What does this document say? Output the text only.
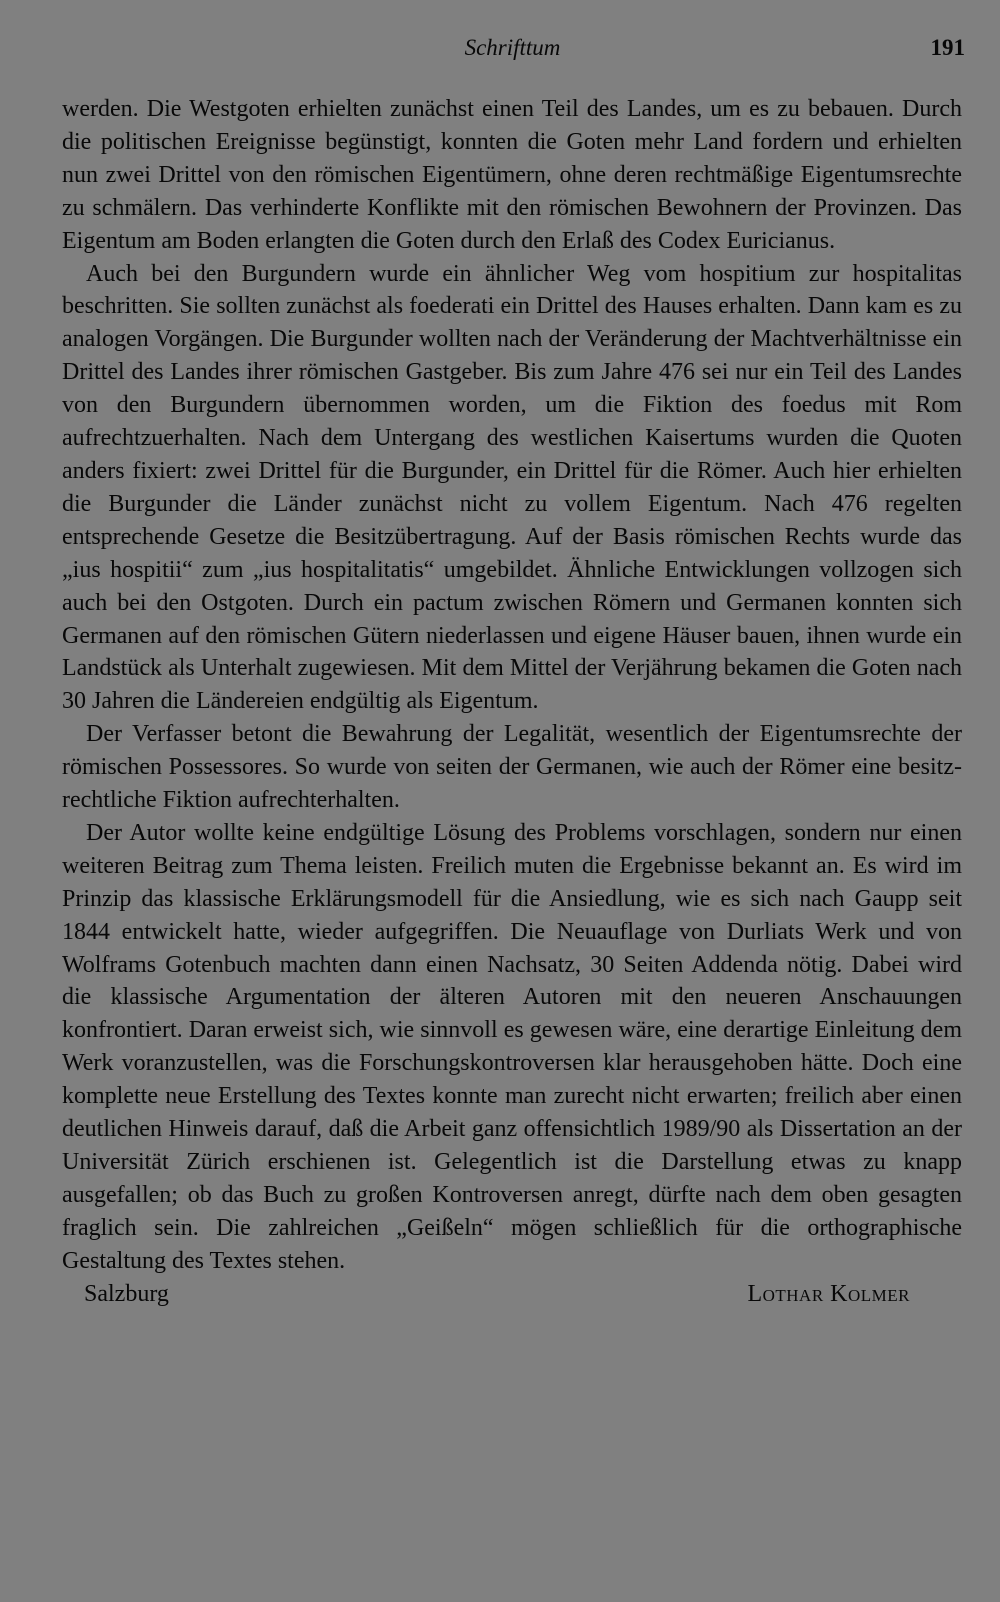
Schrifttum	191

werden. Die Westgoten erhielten zunächst einen Teil des Landes, um es zu bebauen. Durch die politischen Ereignisse begünstigt, konnten die Goten mehr Land fordern und erhielten nun zwei Drittel von den römischen Eigentümern, ohne deren rechtmäßige Eigentumsrechte zu schmälern. Das verhinderte Konflikte mit den römischen Bewohnern der Provinzen. Das Eigentum am Boden erlangten die Goten durch den Erlaß des Codex Euricianus.

Auch bei den Burgundern wurde ein ähnlicher Weg vom hospitium zur hospitalitas beschritten. Sie sollten zunächst als foederati ein Drittel des Hauses erhalten. Dann kam es zu analogen Vorgängen. Die Burgunder wollten nach der Veränderung der Machtverhältnisse ein Drittel des Landes ihrer römischen Gastgeber. Bis zum Jahre 476 sei nur ein Teil des Landes von den Burgundern übernommen worden, um die Fiktion des foedus mit Rom aufrechtzuerhalten. Nach dem Untergang des westlichen Kaisertums wurden die Quoten anders fixiert: zwei Drittel für die Burgunder, ein Drittel für die Römer. Auch hier erhielten die Burgunder die Länder zunächst nicht zu vollem Eigentum. Nach 476 regelten entsprechende Gesetze die Besitzübertragung. Auf der Basis römischen Rechts wurde das „ius hospitii“ zum „ius hospitalitatis“ umgebildet. Ähnliche Entwicklungen vollzogen sich auch bei den Ostgoten. Durch ein pactum zwischen Römern und Germanen konnten sich Germanen auf den römischen Gütern niederlassen und eigene Häuser bauen, ihnen wurde ein Landstück als Unterhalt zugewiesen. Mit dem Mittel der Verjährung bekamen die Goten nach 30 Jahren die Ländereien endgültig als Eigentum.

Der Verfasser betont die Bewahrung der Legalität, wesentlich der Eigentumsrechte der römischen Possessores. So wurde von seiten der Germanen, wie auch der Römer eine besitz-rechtliche Fiktion aufrechterhalten.

Der Autor wollte keine endgültige Lösung des Problems vorschlagen, sondern nur einen weiteren Beitrag zum Thema leisten. Freilich muten die Ergebnisse bekannt an. Es wird im Prinzip das klassische Erklärungsmodell für die Ansiedlung, wie es sich nach Gaupp seit 1844 entwickelt hatte, wieder aufgegriffen. Die Neuauflage von Durliats Werk und von Wolframs Gotenbuch machten dann einen Nachsatz, 30 Seiten Addenda nötig. Dabei wird die klassische Argumentation der älteren Autoren mit den neueren Anschauungen konfrontiert. Daran erweist sich, wie sinnvoll es gewesen wäre, eine derartige Einleitung dem Werk voranzustellen, was die Forschungskontroversen klar herausgehoben hätte. Doch eine komplette neue Erstellung des Textes konnte man zurecht nicht erwarten; freilich aber einen deutlichen Hinweis darauf, daß die Arbeit ganz offensichtlich 1989/90 als Dissertation an der Universität Zürich erschienen ist. Gelegentlich ist die Darstellung etwas zu knapp ausgefallen; ob das Buch zu großen Kontroversen anregt, dürfte nach dem oben gesagten fraglich sein. Die zahlreichen „Geißeln“ mögen schließlich für die orthographische Gestaltung des Textes stehen.

Salzburg	Lothar Kolmer
